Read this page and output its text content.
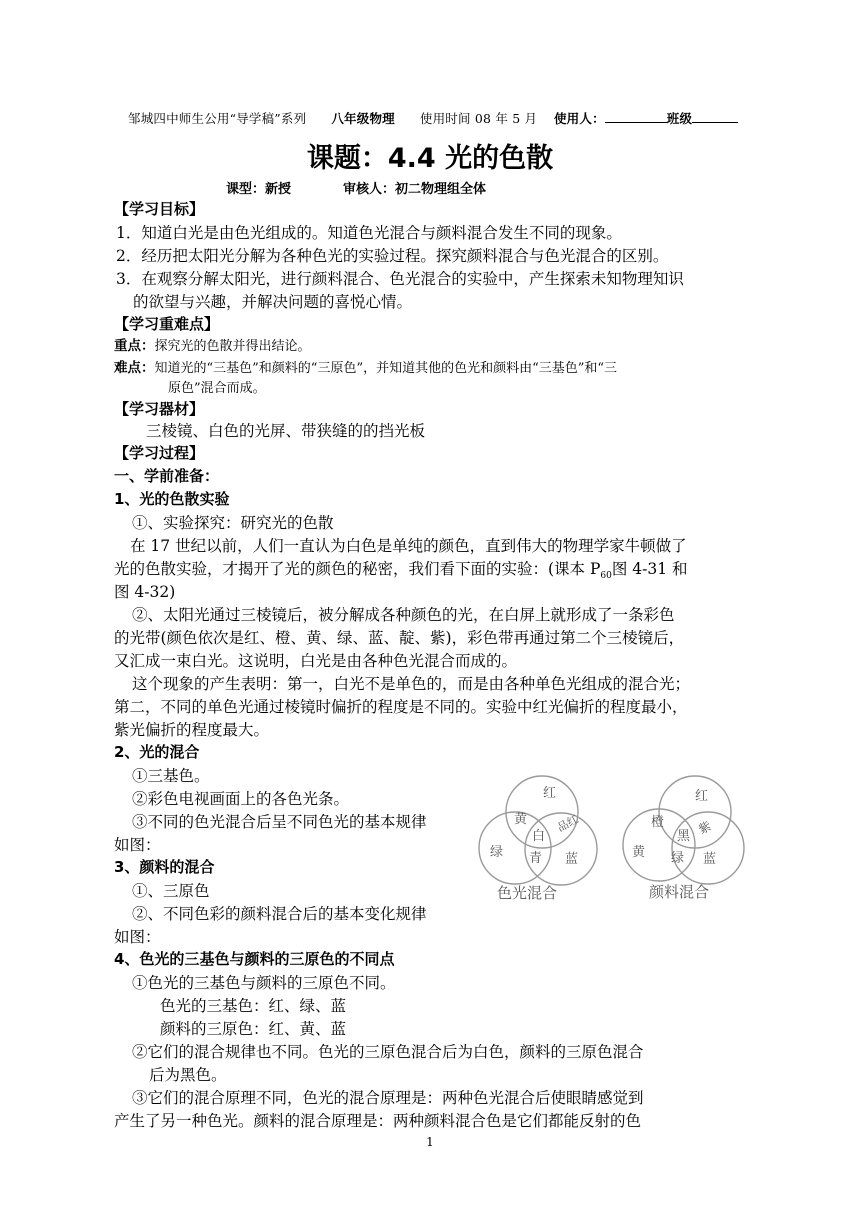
邹城四中师生公用“导学稿”系列 八年级物理 使用时间 08 年 5 月 使用人：	班级
课题：4.4 光的色散
课型：新授	审核人：初二物理组全体
【学习目标】
1．知道白光是由色光组成的。知道色光混合与颜料混合发生不同的现象。
2．经历把太阳光分解为各种色光的实验过程。探究颜料混合与色光混合的区别。
3．在观察分解太阳光，进行颜料混合、色光混合的实验中，产生探索未知物理知识
的欲望与兴趣，并解决问题的喜悦心情。
【学习重难点】
重点：探究光的色散并得出结论。
难点：知道光的“三基色”和颜料的“三原色”，并知道其他的色光和颜料由“三基色”和“三
原色”混合而成。
【学习器材】
三棱镜、白色的光屏、带狭缝的的挡光板
【学习过程】
一、学前准备：
1、光的色散实验
①、实验探究：研究光的色散
在 17 世纪以前，人们一直认为白色是单纯的颜色，直到伟大的物理学家牛顿做了
光的色散实验，才揭开了光的颜色的秘密，我们看下面的实验：(课本 $P_{60}$图 4-31 和
图 4-32)
②、太阳光通过三棱镜后，被分解成各种颜色的光，在白屏上就形成了一条彩色
的光带(颜色依次是红、橙、黄、绿、蓝、靛、紫)，彩色带再通过第二个三棱镜后，
又汇成一束白光。这说明，白光是由各种色光混合而成的。
这个现象的产生表明：第一，白光不是单色的，而是由各种单色光组成的混合光；
第二，不同的单色光通过棱镜时偏折的程度是不同的。实验中红光偏折的程度最小，
紫光偏折的程度最大。
2、光的混合
①三基色。
②彩色电视画面上的各色光条。
③不同的色光混合后呈不同色光的基本规律
如图：
3、颜料的混合
①、三原色
②、不同色彩的颜料混合后的基本变化规律
如图：
4、色光的三基色与颜料的三原色的不同点
①色光的三基色与颜料的三原色不同。
色光的三基色：红、绿、蓝
颜料的三原色：红、黄、蓝
②它们的混合规律也不同。色光的三原色混合后为白色，颜料的三原色混合
后为黑色。
③它们的混合原理不同，色光的混合原理是：两种色光混合后使眼睛感觉到
产生了另一种色光。颜料的混合原理是：两种颜料混合色是它们都能反射的色
红
黄	品红
白
绿 青 蓝
色光混合
红
橙	紫
黑
黄 绿 蓝
颜料混合
1
